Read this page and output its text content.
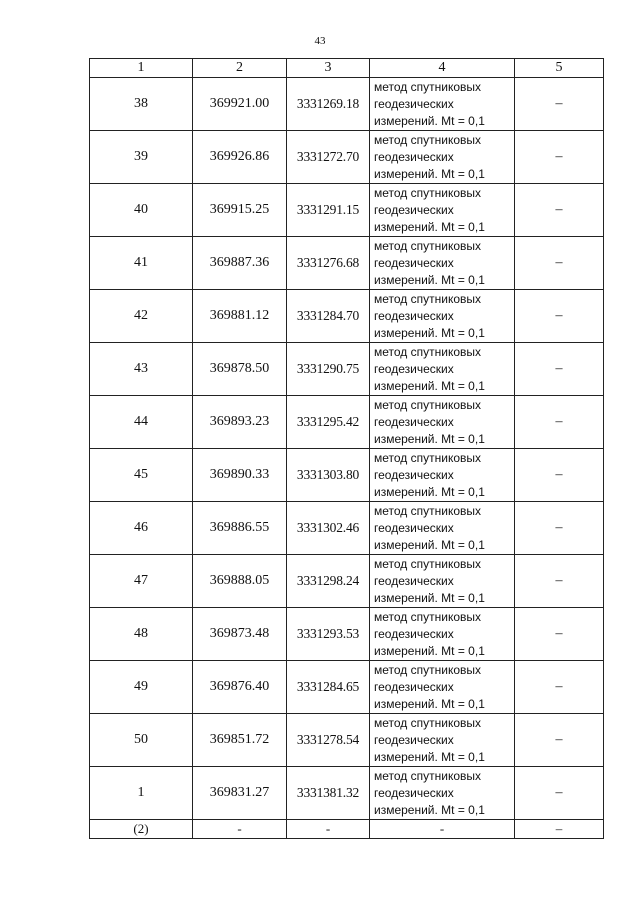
43
1	2	3	4	5
38	369921.00	3331269.18	метод спутниковых
геодезических
измерений. Mt = 0,1	–
39	369926.86	3331272.70	метод спутниковых
геодезических
измерений. Mt = 0,1	–
40	369915.25	3331291.15	метод спутниковых
геодезических
измерений. Mt = 0,1	–
41	369887.36	3331276.68	метод спутниковых
геодезических
измерений. Mt = 0,1	–
42	369881.12	3331284.70	метод спутниковых
геодезических
измерений. Mt = 0,1	–
43	369878.50	3331290.75	метод спутниковых
геодезических
измерений. Mt = 0,1	–
44	369893.23	3331295.42	метод спутниковых
геодезических
измерений. Mt = 0,1	–
45	369890.33	3331303.80	метод спутниковых
геодезических
измерений. Mt = 0,1	–
46	369886.55	3331302.46	метод спутниковых
геодезических
измерений. Mt = 0,1	–
47	369888.05	3331298.24	метод спутниковых
геодезических
измерений. Mt = 0,1	–
48	369873.48	3331293.53	метод спутниковых
геодезических
измерений. Mt = 0,1	–
49	369876.40	3331284.65	метод спутниковых
геодезических
измерений. Mt = 0,1	–
50	369851.72	3331278.54	метод спутниковых
геодезических
измерений. Mt = 0,1	–
1	369831.27	3331381.32	метод спутниковых
геодезических
измерений. Mt = 0,1	–
(2)	-	-	-	–
